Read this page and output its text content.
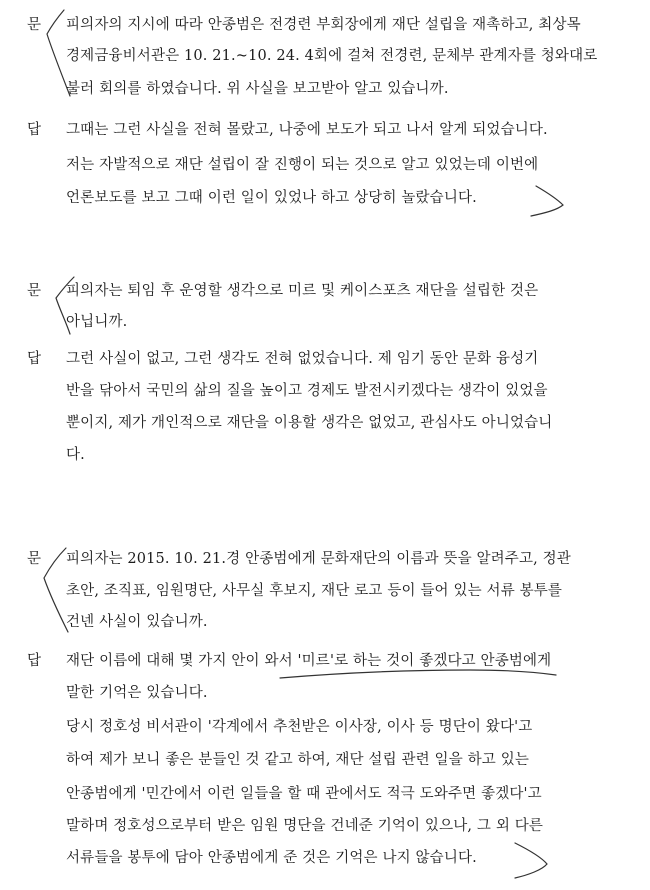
문 피의자의 지시에 따라 안종범은 전경련 부회장에게 재단 설립을 재촉하고, 최상목
경제금융비서관은 10. 21.~10. 24. 4회에 걸쳐 전경련, 문체부 관계자를 청와대로
불러 회의를 하였습니다. 위 사실을 보고받아 알고 있습니까.
답 그때는 그런 사실을 전혀 몰랐고, 나중에 보도가 되고 나서 알게 되었습니다.
저는 자발적으로 재단 설립이 잘 진행이 되는 것으로 알고 있었는데 이번에
언론보도를 보고 그때 이런 일이 있었나 하고 상당히 놀랐습니다.
문 피의자는 퇴임 후 운영할 생각으로 미르 및 케이스포츠 재단을 설립한 것은
아닙니까.
답 그런 사실이 없고, 그런 생각도 전혀 없었습니다. 제 임기 동안 문화 융성기
반을 닦아서 국민의 삶의 질을 높이고 경제도 발전시키겠다는 생각이 있었을
뿐이지, 제가 개인적으로 재단을 이용할 생각은 없었고, 관심사도 아니었습니
다.
문 피의자는 2015. 10. 21.경 안종범에게 문화재단의 이름과 뜻을 알려주고, 정관
초안, 조직표, 임원명단, 사무실 후보지, 재단 로고 등이 들어 있는 서류 봉투를
건넨 사실이 있습니까.
답 재단 이름에 대해 몇 가지 안이 와서 '미르'로 하는 것이 좋겠다고 안종범에게
말한 기억은 있습니다.
당시 정호성 비서관이 '각계에서 추천받은 이사장, 이사 등 명단이 왔다'고
하여 제가 보니 좋은 분들인 것 같고 하여, 재단 설립 관련 일을 하고 있는
안종범에게 '민간에서 이런 일들을 할 때 관에서도 적극 도와주면 좋겠다'고
말하며 정호성으로부터 받은 임원 명단을 건네준 기억이 있으나, 그 외 다른
서류들을 봉투에 담아 안종범에게 준 것은 기억은 나지 않습니다.
